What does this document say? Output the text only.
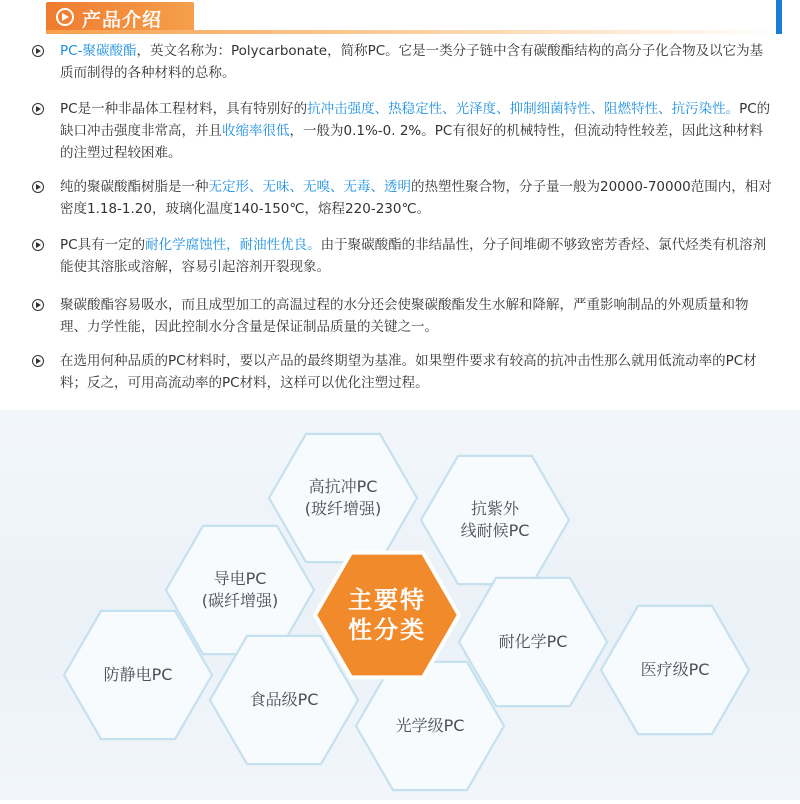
产品介绍
PC-聚碳酸酯，英文名称为：Polycarbonate，简称PC。它是一类分子链中含有碳酸酯结构的高分子化合物及以它为基质而制得的各种材料的总称。
PC是一种非晶体工程材料，具有特别好的抗冲击强度、热稳定性、光泽度、抑制细菌特性、阻燃特性、抗污染性。PC的缺口冲击强度非常高，并且收缩率很低，一般为0.1%-0. 2%。PC有很好的机械特性，但流动特性较差，因此这种材料的注塑过程较困难。
纯的聚碳酸酯树脂是一种无定形、无味、无嗅、无毒、透明的热塑性聚合物，分子量一般为20000-70000范围内，相对密度1.18-1.20，玻璃化温度140-150℃，熔程220-230℃。
PC具有一定的耐化学腐蚀性，耐油性优良。由于聚碳酸酯的非结晶性，分子间堆砌不够致密芳香烃、氯代烃类有机溶剂能使其溶胀或溶解，容易引起溶剂开裂现象。
聚碳酸酯容易吸水，而且成型加工的高温过程的水分还会使聚碳酸酯发生水解和降解，严重影响制品的外观质量和物理、力学性能，因此控制水分含量是保证制品质量的关键之一。
在选用何种品质的PC材料时，要以产品的最终期望为基准。如果塑件要求有较高的抗冲击性那么就用低流动率的PC材料；反之，可用高流动率的PC材料，这样可以优化注塑过程。
高抗冲PC
(玻纤增强)	抗紫外
线耐候PC
导电PC
(碳纤增强)
防静电PC
食品级PC
光学级PC
耐化学PC
医疗级PC
主要特
性分类
